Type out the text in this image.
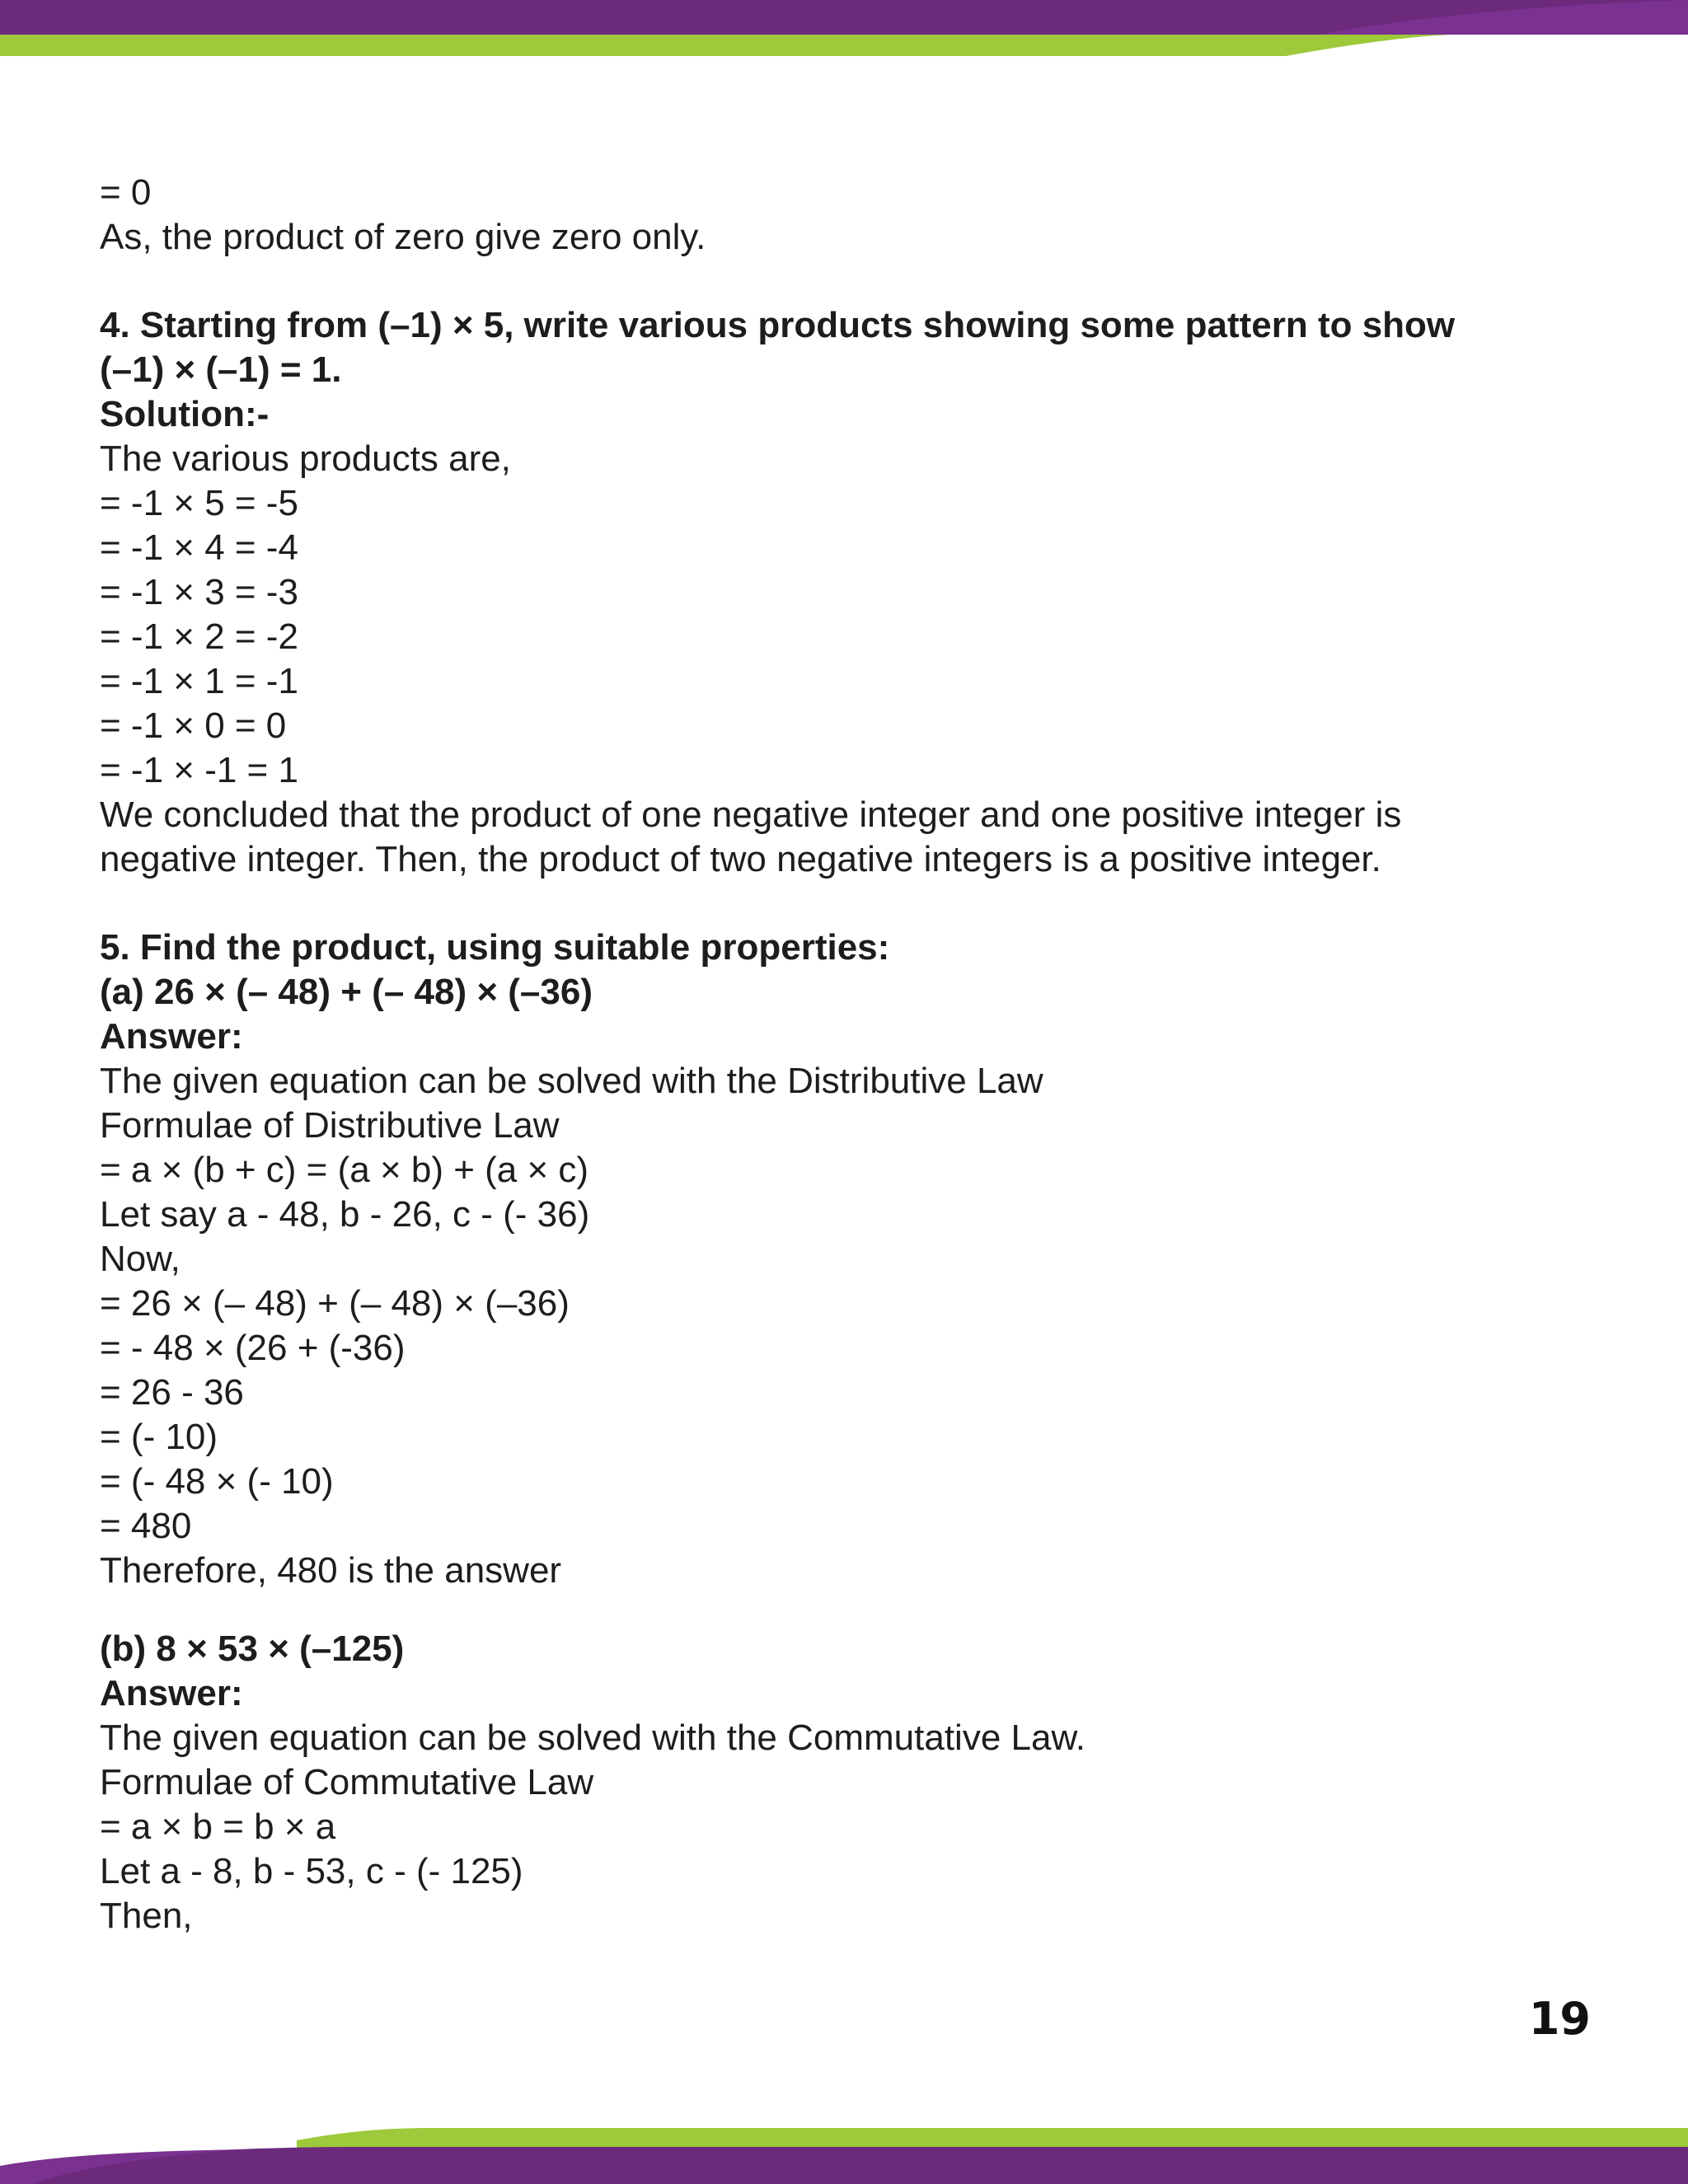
= 0
As, the product of zero give zero only.
4. Starting from (–1) × 5, write various products showing some pattern to show
(–1) × (–1) = 1.
Solution:-
The various products are,
= -1 × 5 = -5
= -1 × 4 = -4
= -1 × 3 = -3
= -1 × 2 = -2
= -1 × 1 = -1
= -1 × 0 = 0
= -1 × -1 = 1
We concluded that the product of one negative integer and one positive integer is
negative integer. Then, the product of two negative integers is a positive integer.
5. Find the product, using suitable properties:
(a) 26 × (– 48) + (– 48) × (–36)
Answer:
The given equation can be solved with the Distributive Law
Formulae of Distributive Law
= a × (b + c) = (a × b) + (a × c)
Let say a - 48, b - 26, c - (- 36)
Now,
= 26 × (– 48) + (– 48) × (–36)
= - 48 × (26 + (-36)
= 26 - 36
= (- 10)
= (- 48 × (- 10)
= 480
Therefore, 480 is the answer
(b) 8 × 53 × (–125)
Answer:
The given equation can be solved with the Commutative Law.
Formulae of Commutative Law
= a × b = b × a
Let a - 8, b - 53, c - (- 125)
Then,
19
